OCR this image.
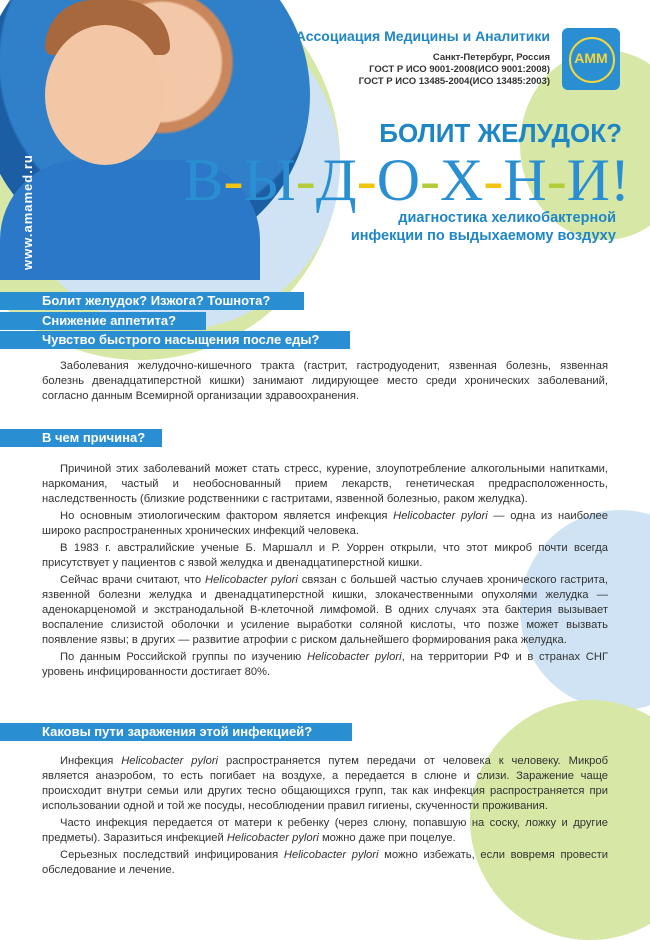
www.amamed.ru
Ассоциация Медицины и Аналитики
Санкт-Петербург, Россия
ГОСТ Р ИСО 9001-2008(ИСО 9001:2008)
ГОСТ Р ИСО 13485-2004(ИСО 13485:2003)
АММ
БОЛИТ ЖЕЛУДОК?
В-Ы-Д-О-Х-Н-И!
диагностика хеликобактерной
инфекции по выдыхаемому воздуху
Болит желудок? Изжога? Тошнота?
Снижение аппетита?
Чувство быстрого насыщения после еды?

Заболевания желудочно-кишечного тракта (гастрит, гастродуоденит, язвенная болезнь, язвенная болезнь двенадцатиперстной кишки) занимают лидирующее место среди хронических заболеваний, согласно данным Всемирной организации здравоохранения.

В чем причина?

Причиной этих заболеваний может стать стресс, курение, злоупотребление алкогольными напитками, наркомания, частый и необоснованный прием лекарств, генетическая предрасположенность, наследственность (близкие родственники с гастритами, язвенной болезнью, раком желудка).

Но основным этиологическим фактором является инфекция Helicobacter pylori — одна из наиболее широко распространенных хронических инфекций человека.

В 1983 г. австралийские ученые Б. Маршалл и Р. Уоррен открыли, что этот микроб почти всегда присутствует у пациентов с язвой желудка и двенадцатиперстной кишки.

Сейчас врачи считают, что Helicobacter pylori связан с большей частью случаев хронического гастрита, язвенной болезни желудка и двенадцатиперстной кишки, злокачественными опухолями желудка — аденокарценомой и экстранодальной В-клеточной лимфомой. В одних случаях эта бактерия вызывает воспаление слизистой оболочки и усиление выработки соляной кислоты, что позже может вызвать появление язвы; в других — развитие атрофии с риском дальнейшего формирования рака желудка.

По данным Российской группы по изучению Helicobacter pylori, на территории РФ и в странах СНГ уровень инфицированности достигает 80%.

Каковы пути заражения этой инфекцией?

Инфекция Helicobacter pylori распространяется путем передачи от человека к человеку. Микроб является анаэробом, то есть погибает на воздухе, а передается в слюне и слизи. Заражение чаще происходит внутри семьи или других тесно общающихся групп, так как инфекция распространяется при использовании одной и той же посуды, несоблюдении правил гигиены, скученности проживания.

Часто инфекция передается от матери к ребенку (через слюну, попавшую на соску, ложку и другие предметы). Заразиться инфекцией Helicobacter pylori можно даже при поцелуе.

Серьезных последствий инфицирования Helicobacter pylori можно избежать, если вовремя провести обследование и лечение.
